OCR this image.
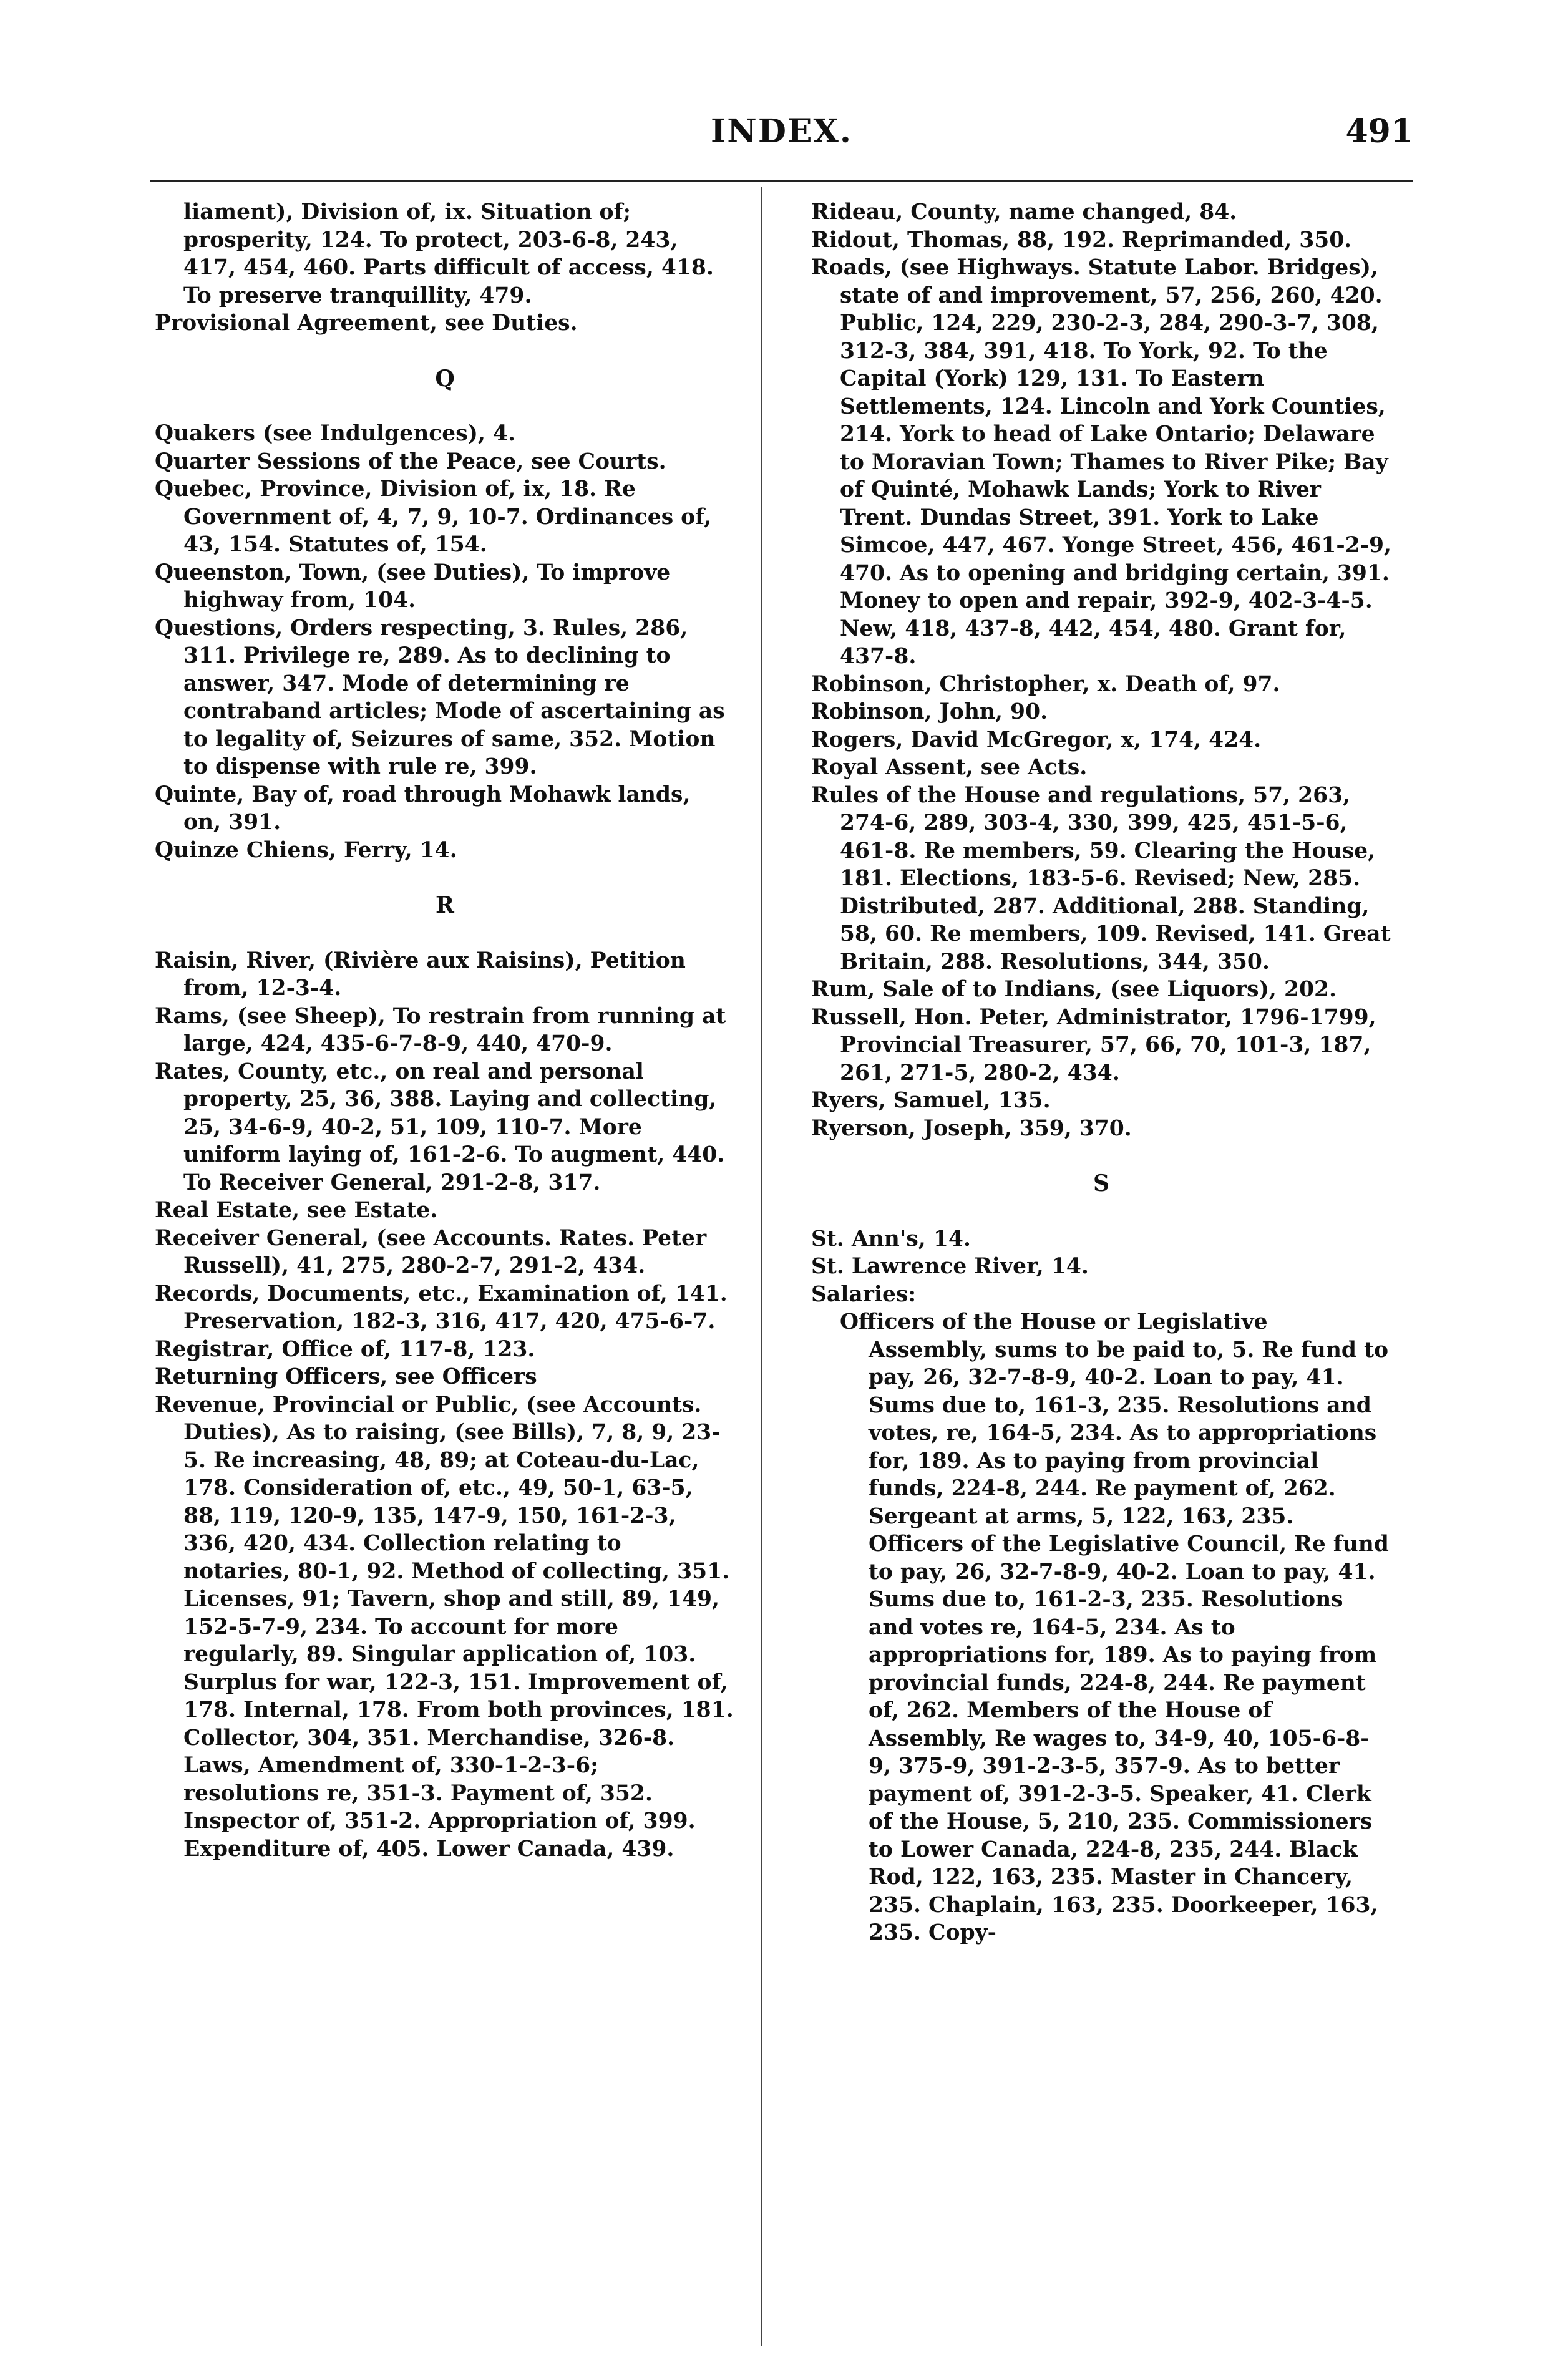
INDEX.	491

liament), Division of, ix. Situation of; prosperity, 124. To protect, 203-6-8, 243, 417, 454, 460. Parts difficult of access, 418. To preserve tranquillity, 479.

Provisional Agreement, see Duties.

Q

Quakers (see Indulgences), 4.

Quarter Sessions of the Peace, see Courts.

Quebec, Province, Division of, ix, 18. Re Government of, 4, 7, 9, 10-7. Ordinances of, 43, 154. Statutes of, 154.

Queenston, Town, (see Duties), To improve highway from, 104.

Questions, Orders respecting, 3. Rules, 286, 311. Privilege re, 289. As to declining to answer, 347. Mode of determining re contraband articles; Mode of ascertaining as to legality of, Seizures of same, 352. Motion to dispense with rule re, 399.

Quinte, Bay of, road through Mohawk lands, on, 391.

Quinze Chiens, Ferry, 14.

R

Raisin, River, (Rivière aux Raisins), Petition from, 12-3-4.

Rams, (see Sheep), To restrain from running at large, 424, 435-6-7-8-9, 440, 470-9.

Rates, County, etc., on real and personal property, 25, 36, 388. Laying and collecting, 25, 34-6-9, 40-2, 51, 109, 110-7. More uniform laying of, 161-2-6. To augment, 440. To Receiver General, 291-2-8, 317.

Real Estate, see Estate.

Receiver General, (see Accounts. Rates. Peter Russell), 41, 275, 280-2-7, 291-2, 434.

Records, Documents, etc., Examination of, 141. Preservation, 182-3, 316, 417, 420, 475-6-7.

Registrar, Office of, 117-8, 123.

Returning Officers, see Officers

Revenue, Provincial or Public, (see Accounts. Duties), As to raising, (see Bills), 7, 8, 9, 23-5. Re increasing, 48, 89; at Coteau-du-Lac, 178. Consideration of, etc., 49, 50-1, 63-5, 88, 119, 120-9, 135, 147-9, 150, 161-2-3, 336, 420, 434. Collection relating to notaries, 80-1, 92. Method of collecting, 351. Licenses, 91; Tavern, shop and still, 89, 149, 152-5-7-9, 234. To account for more regularly, 89. Singular application of, 103. Surplus for war, 122-3, 151. Improvement of, 178. Internal, 178. From both provinces, 181. Collector, 304, 351. Merchandise, 326-8. Laws, Amendment of, 330-1-2-3-6; resolutions re, 351-3. Payment of, 352. Inspector of, 351-2. Appropriation of, 399. Expenditure of, 405. Lower Canada, 439.

Rideau, County, name changed, 84.

Ridout, Thomas, 88, 192. Reprimanded, 350.

Roads, (see Highways. Statute Labor. Bridges), state of and improvement, 57, 256, 260, 420. Public, 124, 229, 230-2-3, 284, 290-3-7, 308, 312-3, 384, 391, 418. To York, 92. To the Capital (York) 129, 131. To Eastern Settlements, 124. Lincoln and York Counties, 214. York to head of Lake Ontario; Delaware to Moravian Town; Thames to River Pike; Bay of Quinté, Mohawk Lands; York to River Trent. Dundas Street, 391. York to Lake Simcoe, 447, 467. Yonge Street, 456, 461-2-9, 470. As to opening and bridging certain, 391. Money to open and repair, 392-9, 402-3-4-5. New, 418, 437-8, 442, 454, 480. Grant for, 437-8.

Robinson, Christopher, x. Death of, 97.

Robinson, John, 90.

Rogers, David McGregor, x, 174, 424.

Royal Assent, see Acts.

Rules of the House and regulations, 57, 263, 274-6, 289, 303-4, 330, 399, 425, 451-5-6, 461-8. Re members, 59. Clearing the House, 181. Elections, 183-5-6. Revised; New, 285. Distributed, 287. Additional, 288. Standing, 58, 60. Re members, 109. Revised, 141. Great Britain, 288. Resolutions, 344, 350.

Rum, Sale of to Indians, (see Liquors), 202.

Russell, Hon. Peter, Administrator, 1796-1799, Provincial Treasurer, 57, 66, 70, 101-3, 187, 261, 271-5, 280-2, 434.

Ryers, Samuel, 135.

Ryerson, Joseph, 359, 370.

S

St. Ann's, 14.

St. Lawrence River, 14.

Salaries:

Officers of the House or Legislative Assembly, sums to be paid to, 5. Re fund to pay, 26, 32-7-8-9, 40-2. Loan to pay, 41. Sums due to, 161-3, 235. Resolutions and votes, re, 164-5, 234. As to appropriations for, 189. As to paying from provincial funds, 224-8, 244. Re payment of, 262. Sergeant at arms, 5, 122, 163, 235. Officers of the Legislative Council, Re fund to pay, 26, 32-7-8-9, 40-2. Loan to pay, 41. Sums due to, 161-2-3, 235. Resolutions and votes re, 164-5, 234. As to appropriations for, 189. As to paying from provincial funds, 224-8, 244. Re payment of, 262. Members of the House of Assembly, Re wages to, 34-9, 40, 105-6-8-9, 375-9, 391-2-3-5, 357-9. As to better payment of, 391-2-3-5. Speaker, 41. Clerk of the House, 5, 210, 235. Commissioners to Lower Canada, 224-8, 235, 244. Black Rod, 122, 163, 235. Master in Chancery, 235. Chaplain, 163, 235. Doorkeeper, 163, 235. Copy-
